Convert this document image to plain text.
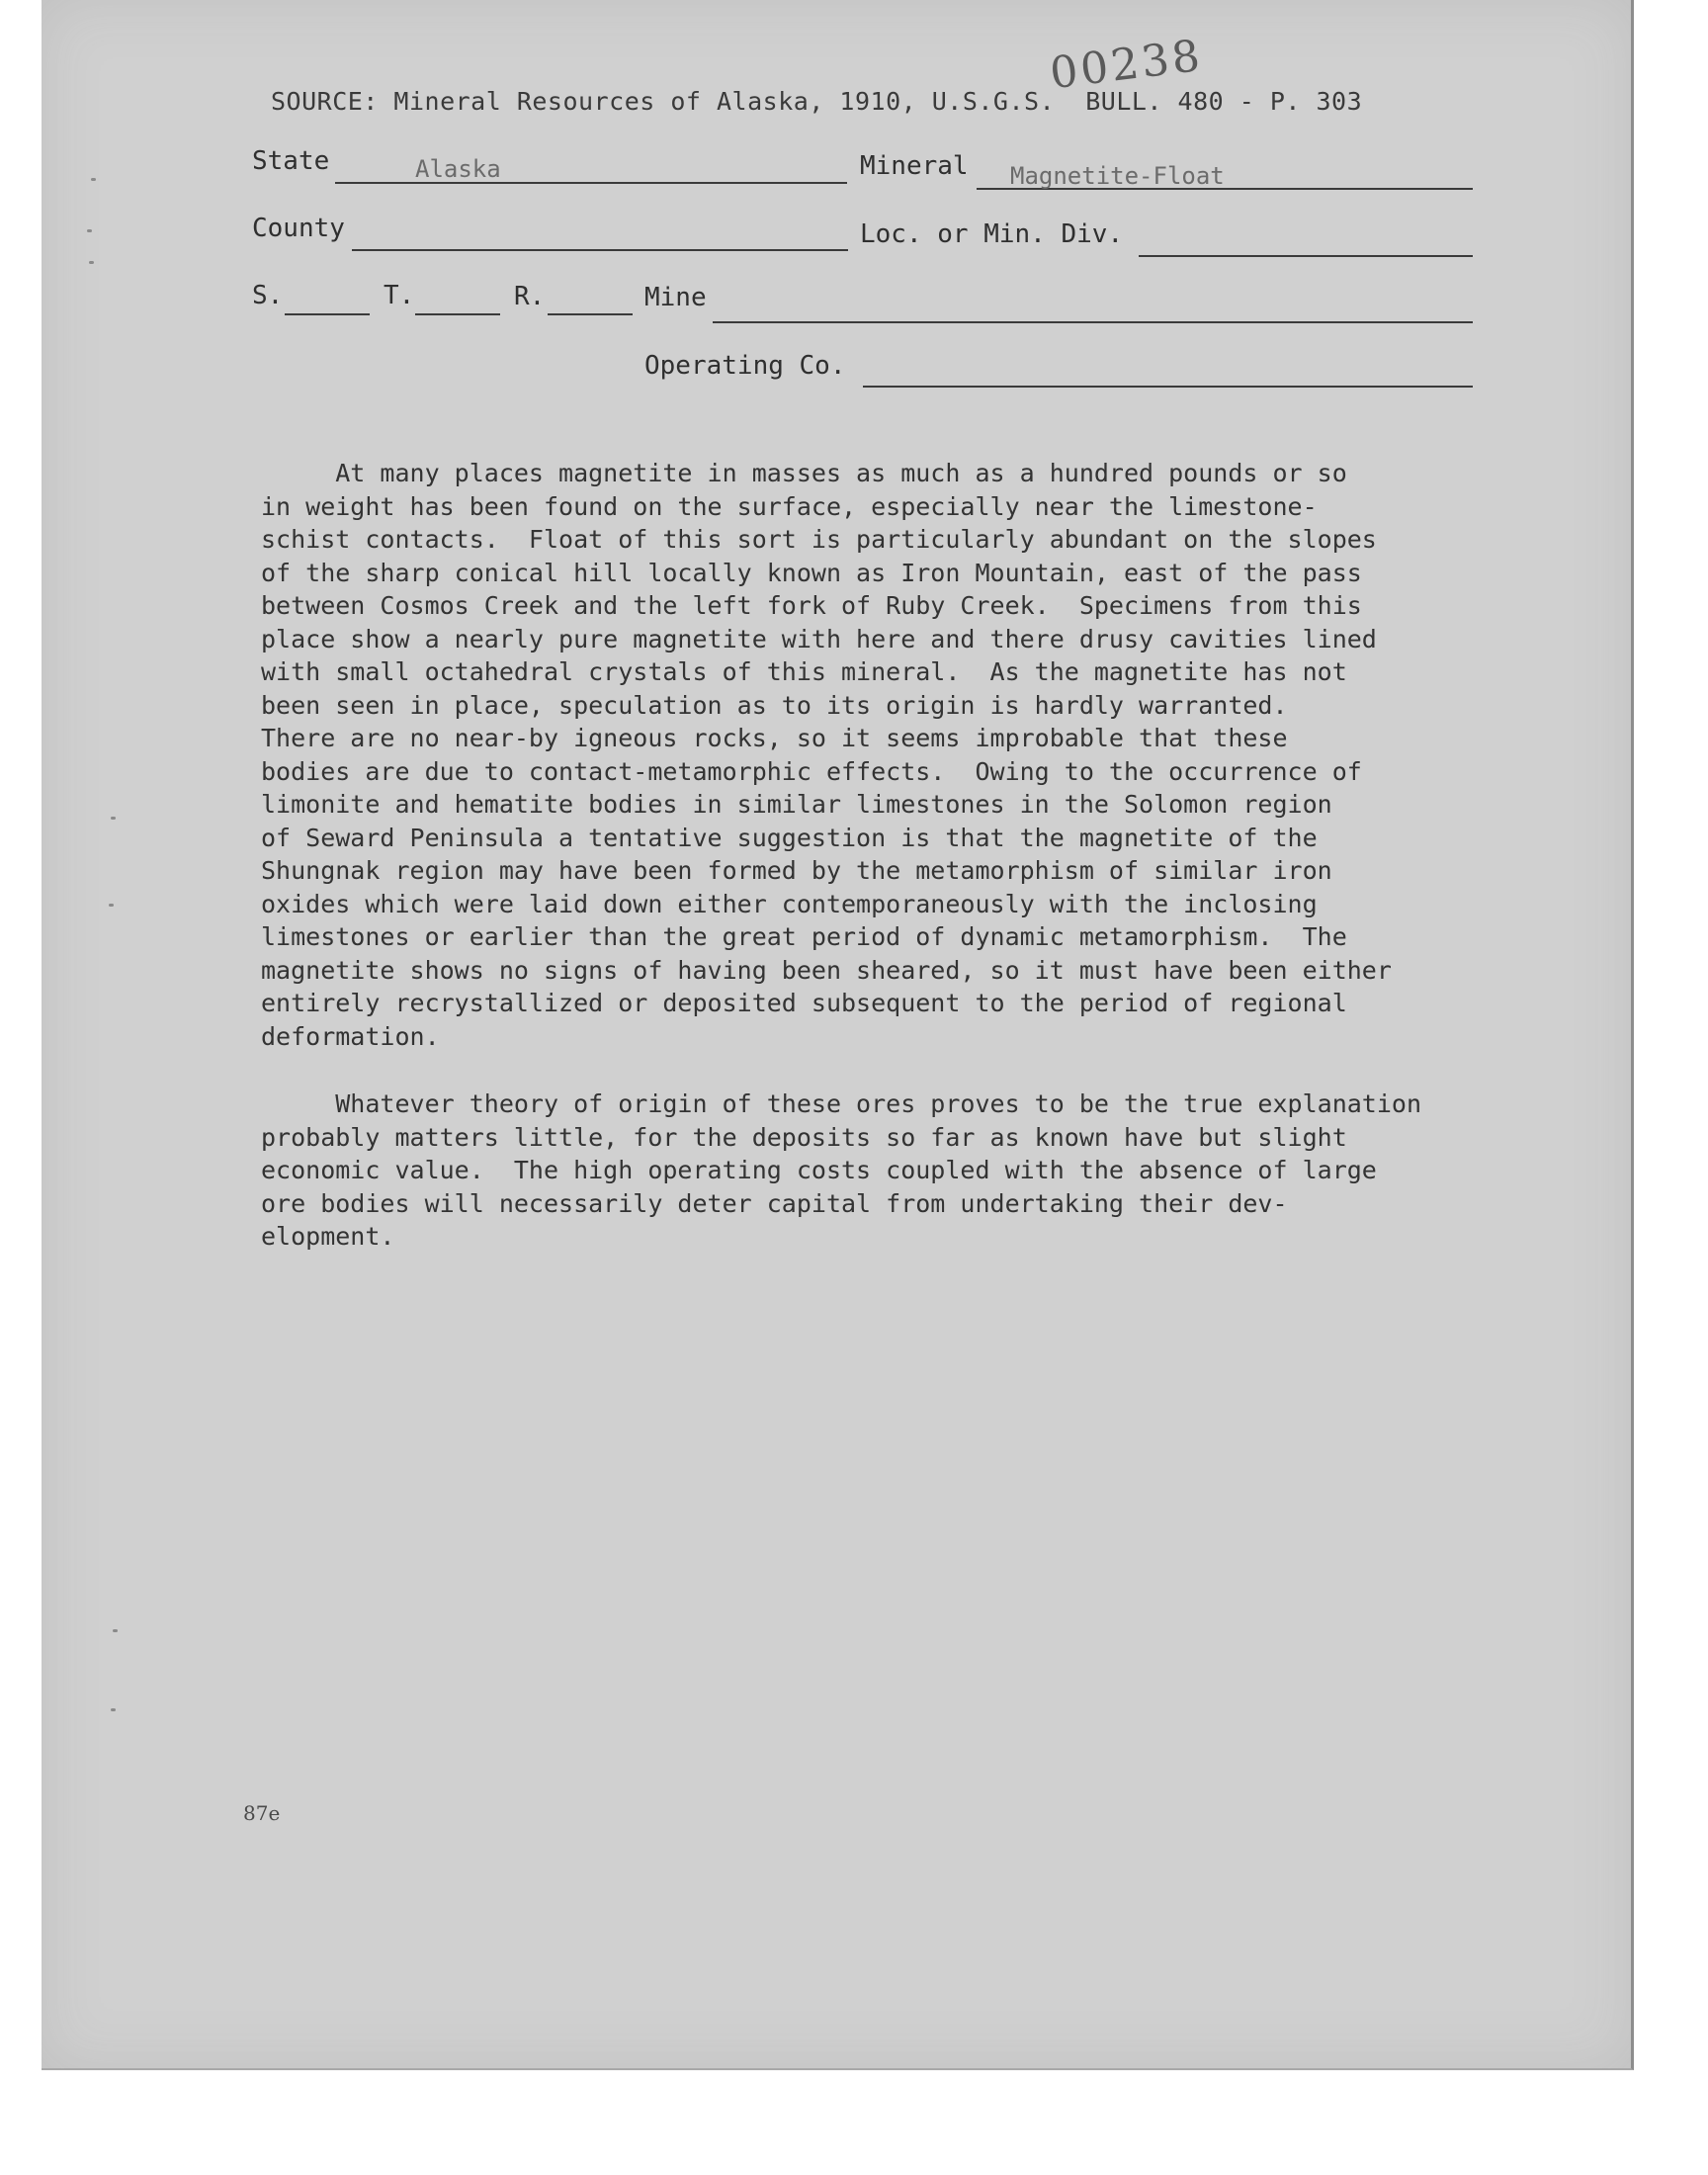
SOURCE: Mineral Resources of Alaska, 1910, U.S.G.S.  BULL. 480 - P. 303
00238
State	Alaska	Mineral Magnetite-Float
County	Loc. or Min. Div.
S.	T.	R.	Mine
Operating Co.
At many places magnetite in masses as much as a hundred pounds or so
in weight has been found on the surface, especially near the limestone-
schist contacts.  Float of this sort is particularly abundant on the slopes
of the sharp conical hill locally known as Iron Mountain, east of the pass
between Cosmos Creek and the left fork of Ruby Creek.  Specimens from this
place show a nearly pure magnetite with here and there drusy cavities lined
with small octahedral crystals of this mineral.  As the magnetite has not
been seen in place, speculation as to its origin is hardly warranted.
There are no near-by igneous rocks, so it seems improbable that these
bodies are due to contact-metamorphic effects.  Owing to the occurrence of
limonite and hematite bodies in similar limestones in the Solomon region
of Seward Peninsula a tentative suggestion is that the magnetite of the
Shungnak region may have been formed by the metamorphism of similar iron
oxides which were laid down either contemporaneously with the inclosing
limestones or earlier than the great period of dynamic metamorphism.  The
magnetite shows no signs of having been sheared, so it must have been either
entirely recrystallized or deposited subsequent to the period of regional
deformation.
Whatever theory of origin of these ores proves to be the true explanation
probably matters little, for the deposits so far as known have but slight
economic value.  The high operating costs coupled with the absence of large
ore bodies will necessarily deter capital from undertaking their dev-
elopment.
87e
